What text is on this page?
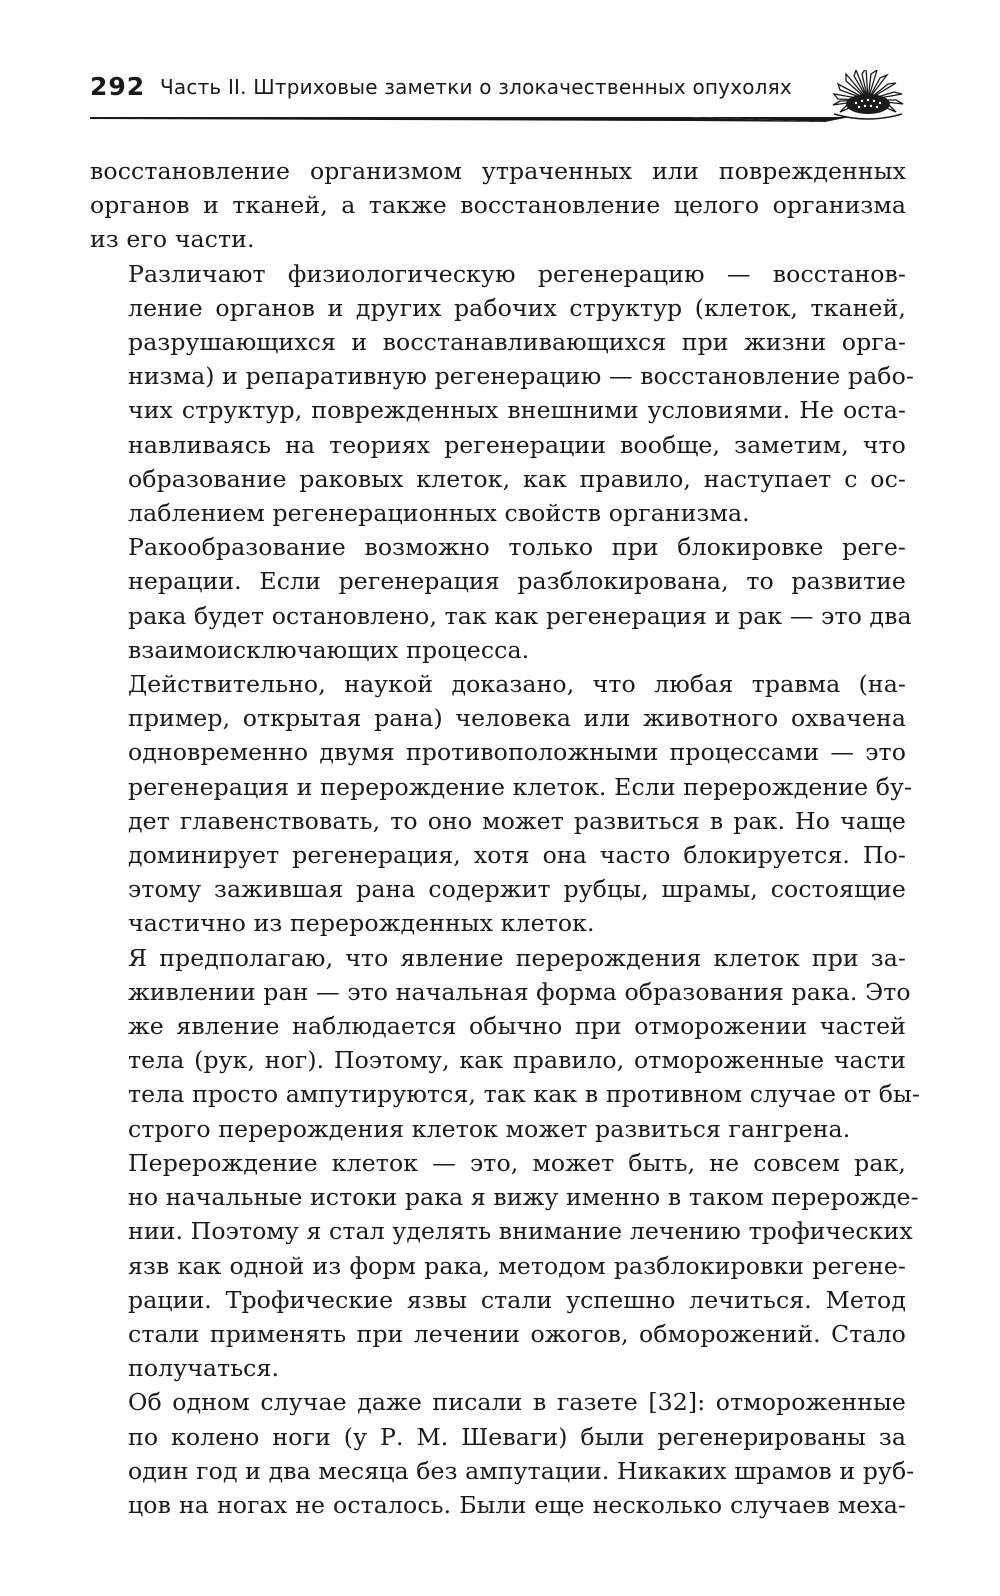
292 Часть II. Штриховые заметки о злокачественных опухолях

восстановление организмом утраченных или поврежденных
органов и тканей, а также восстановление целого организма
из его части.

Различают физиологическую регенерацию — восстанов-
ление органов и других рабочих структур (клеток, тканей,
разрушающихся и восстанавливающихся при жизни орга-
низма) и репаративную регенерацию — восстановление рабо-
чих структур, поврежденных внешними условиями. Не оста-
навливаясь на теориях регенерации вообще, заметим, что
образование раковых клеток, как правило, наступает с ос-
лаблением регенерационных свойств организма.

Ракообразование возможно только при блокировке реге-
нерации. Если регенерация разблокирована, то развитие
рака будет остановлено, так как регенерация и рак — это два
взаимоисключающих процесса.

Действительно, наукой доказано, что любая травма (на-
пример, открытая рана) человека или животного охвачена
одновременно двумя противоположными процессами — это
регенерация и перерождение клеток. Если перерождение бу-
дет главенствовать, то оно может развиться в рак. Но чаще
доминирует регенерация, хотя она часто блокируется. По-
этому зажившая рана содержит рубцы, шрамы, состоящие
частично из перерожденных клеток.

Я предполагаю, что явление перерождения клеток при за-
живлении ран — это начальная форма образования рака. Это
же явление наблюдается обычно при отморожении частей
тела (рук, ног). Поэтому, как правило, отмороженные части
тела просто ампутируются, так как в противном случае от бы-
строго перерождения клеток может развиться гангрена.

Перерождение клеток — это, может быть, не совсем рак,
но начальные истоки рака я вижу именно в таком перерожде-
нии. Поэтому я стал уделять внимание лечению трофических
язв как одной из форм рака, методом разблокировки регене-
рации. Трофические язвы стали успешно лечиться. Метод
стали применять при лечении ожогов, обморожений. Стало
получаться.

Об одном случае даже писали в газете [32]: отмороженные
по колено ноги (у Р. М. Шеваги) были регенерированы за
один год и два месяца без ампутации. Никаких шрамов и руб-
цов на ногах не осталось. Были еще несколько случаев меха-
